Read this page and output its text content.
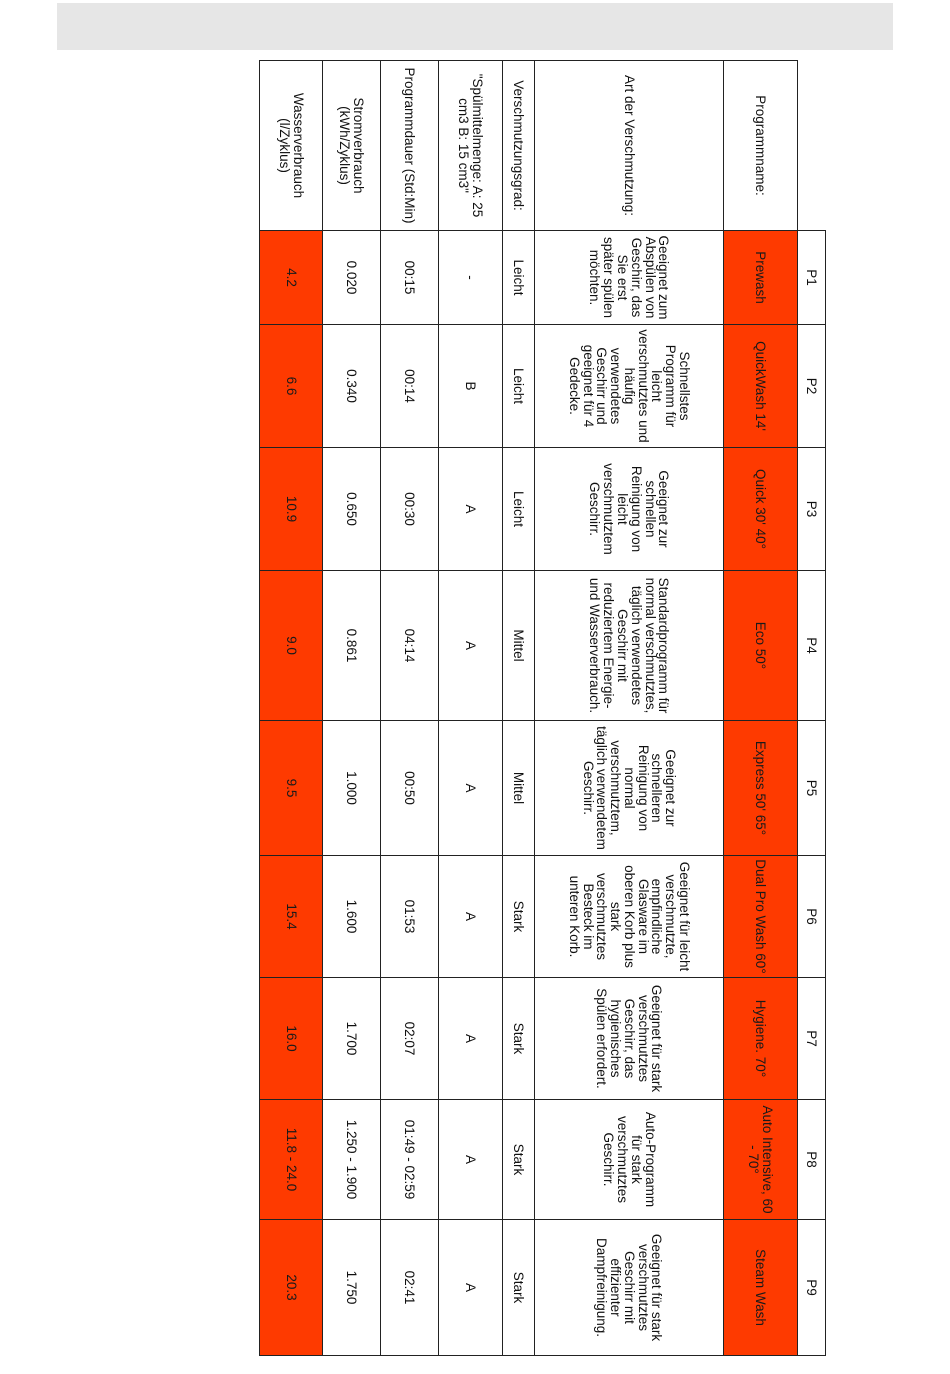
	P1	P2	P3	P4	P5	P6	P7	P8	P9
Programmname:	Prewash	QuickWash 14'	Quick 30' 40°	Eco 50°	Express 50' 65°	Dual Pro Wash 60°	Hygiene. 70°	Auto Intensive, 60 - 70°	Steam Wash
Art der Verschmutzung:	Geeignet zum Abspülen von Geschirr, das Sie erst später spülen möchten.	Schnellstes Programm für leicht verschmutztes und häufig verwendetes Geschirr und geeignet für 4 Gedecke.	Geeignet zur schnellen Reinigung von leicht verschmutztem Geschirr.	Standardprogramm für normal verschmutztes, täglich verwendetes Geschirr mit reduziertem Energie- und Wasserverbrauch.	Geeignet zur schnelleren Reinigung von normal verschmutztem, täglich verwendetem Geschirr.	Geeignet für leicht verschmutzte, empfindliche Glasware im oberen Korb plus stark verschmutztes Besteck im unteren Korb.	Geeignet für stark verschmutztes Geschirr, das hygienisches Spülen erfordert.	Auto-Programm für stark verschmutztes Geschirr.	Geeignet für stark verschmutztes Geschirr mit effizienter Dampfreinigung.
Verschmutzungsgrad:	Leicht	Leicht	Leicht	Mittel	Mittel	Stark	Stark	Stark	Stark
"Spülmittelmenge: A: 25 cm3 B: 15 cm3"	-	B	A	A	A	A	A	A	A
Programmdauer (Std:Min)	00:15	00:14	00:30	04:14	00:50	01:53	02:07	01:49 - 02:59	02:41
Stromverbrauch (kWh/Zyklus)	0.020	0.340	0.650	0.861	1.000	1.600	1.700	1.250 - 1.900	1.750
Wasserverbrauch (l/Zyklus)	4.2	6.6	10.9	9.0	9.5	15.4	16.0	11.8 - 24.0	20.3
